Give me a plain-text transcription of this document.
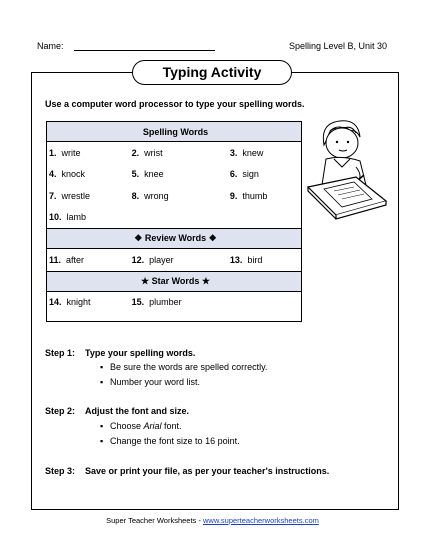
Name:	Spelling Level B, Unit 30
Typing Activity
Use a computer word processor to type your spelling words.
Spelling Words		
1. write	2. wrist	3. knew
4. knock	5. knee	6. sign
7. wrestle	8. wrong	9. thumb
10. lamb		
❖ Review Words ❖		
11. after	12. player	13. bird
★ Star Words ★		
14. knight	15. plumber	
Step 1: Type your spelling words.
▪ Be sure the words are spelled correctly.
▪ Number your word list.
Step 2: Adjust the font and size.
▪ Choose Arial font.
▪ Change the font size to 16 point.
Step 3: Save or print your file, as per your teacher's instructions.
Super Teacher Worksheets - www.superteacherworksheets.com
